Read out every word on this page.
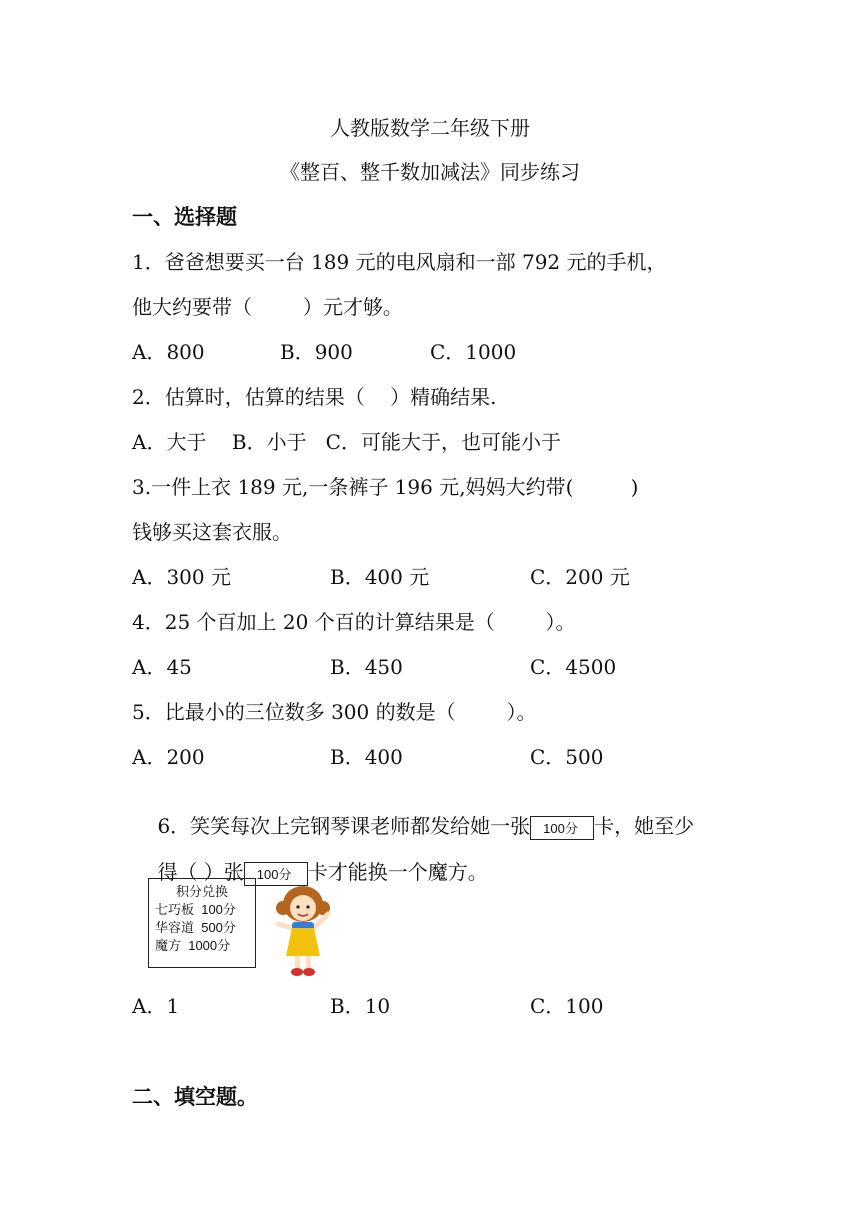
人教版数学二年级下册
《整百、整千数加减法》同步练习
一、选择题
1．爸爸想要买一台 189 元的电风扇和一部 792 元的手机，
他大约要带（        ）元才够。
A．800	B．900	C．1000
2．估算时，估算的结果（    ）精确结果.
A．大于    B．小于   C．可能大于，也可能小于
3.一件上衣 189 元,一条裤子 196 元,妈妈大约带(         )
钱够买这套衣服。
A．300 元	B．400 元	C．200 元
4．25 个百加上 20 个百的计算结果是（        ）。
A．45	B．450	C．4500
5．比最小的三位数多 300 的数是（        ）。
A．200	B．400	C．500

6．笑笑每次上完钢琴课老师都发给她一张 100分 卡，她至少

得（ ）张 100分 卡才能换一个魔方。

积分兑换
七巧板  100分
华容道  500分
魔方  1000分
A．1	B．10	C．100
二、填空题。
